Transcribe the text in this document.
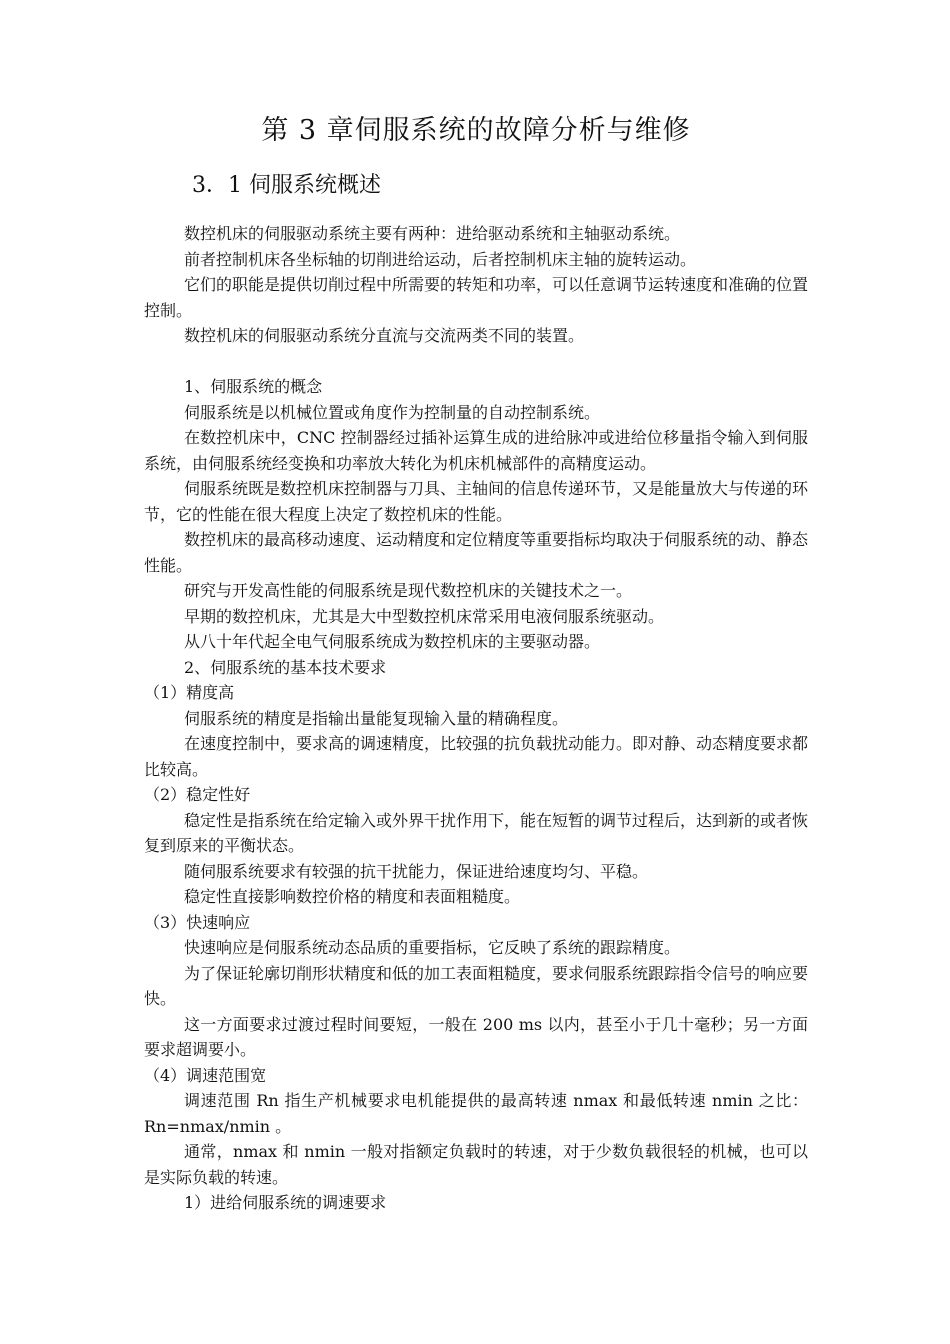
第 3 章伺服系统的故障分析与维修
3．1 伺服系统概述

数控机床的伺服驱动系统主要有两种：进给驱动系统和主轴驱动系统。

前者控制机床各坐标轴的切削进给运动，后者控制机床主轴的旋转运动。

它们的职能是提供切削过程中所需要的转矩和功率，可以任意调节运转速度和准确的位置控制。

数控机床的伺服驱动系统分直流与交流两类不同的装置。

1、伺服系统的概念

伺服系统是以机械位置或角度作为控制量的自动控制系统。

在数控机床中，CNC 控制器经过插补运算生成的进给脉冲或进给位移量指令输入到伺服系统，由伺服系统经变换和功率放大转化为机床机械部件的高精度运动。

伺服系统既是数控机床控制器与刀具、主轴间的信息传递环节，又是能量放大与传递的环节，它的性能在很大程度上决定了数控机床的性能。

数控机床的最高移动速度、运动精度和定位精度等重要指标均取决于伺服系统的动、静态性能。

研究与开发高性能的伺服系统是现代数控机床的关键技术之一。

早期的数控机床，尤其是大中型数控机床常采用电液伺服系统驱动。

从八十年代起全电气伺服系统成为数控机床的主要驱动器。

2、伺服系统的基本技术要求

（1）精度高

伺服系统的精度是指输出量能复现输入量的精确程度。

在速度控制中，要求高的调速精度，比较强的抗负载扰动能力。即对静、动态精度要求都比较高。

（2）稳定性好

稳定性是指系统在给定输入或外界干扰作用下，能在短暂的调节过程后，达到新的或者恢复到原来的平衡状态。

随伺服系统要求有较强的抗干扰能力，保证进给速度均匀、平稳。

稳定性直接影响数控价格的精度和表面粗糙度。

（3）快速响应

快速响应是伺服系统动态品质的重要指标，它反映了系统的跟踪精度。

为了保证轮廓切削形状精度和低的加工表面粗糙度，要求伺服系统跟踪指令信号的响应要快。

这一方面要求过渡过程时间要短，一般在 200 ms 以内，甚至小于几十毫秒；另一方面要求超调要小。

（4）调速范围宽

调速范围 Rn 指生产机械要求电机能提供的最高转速 nmax 和最低转速 nmin 之比：Rn=nmax/nmin 。

通常，nmax 和 nmin 一般对指额定负载时的转速，对于少数负载很轻的机械，也可以是实际负载的转速。

1）进给伺服系统的调速要求
